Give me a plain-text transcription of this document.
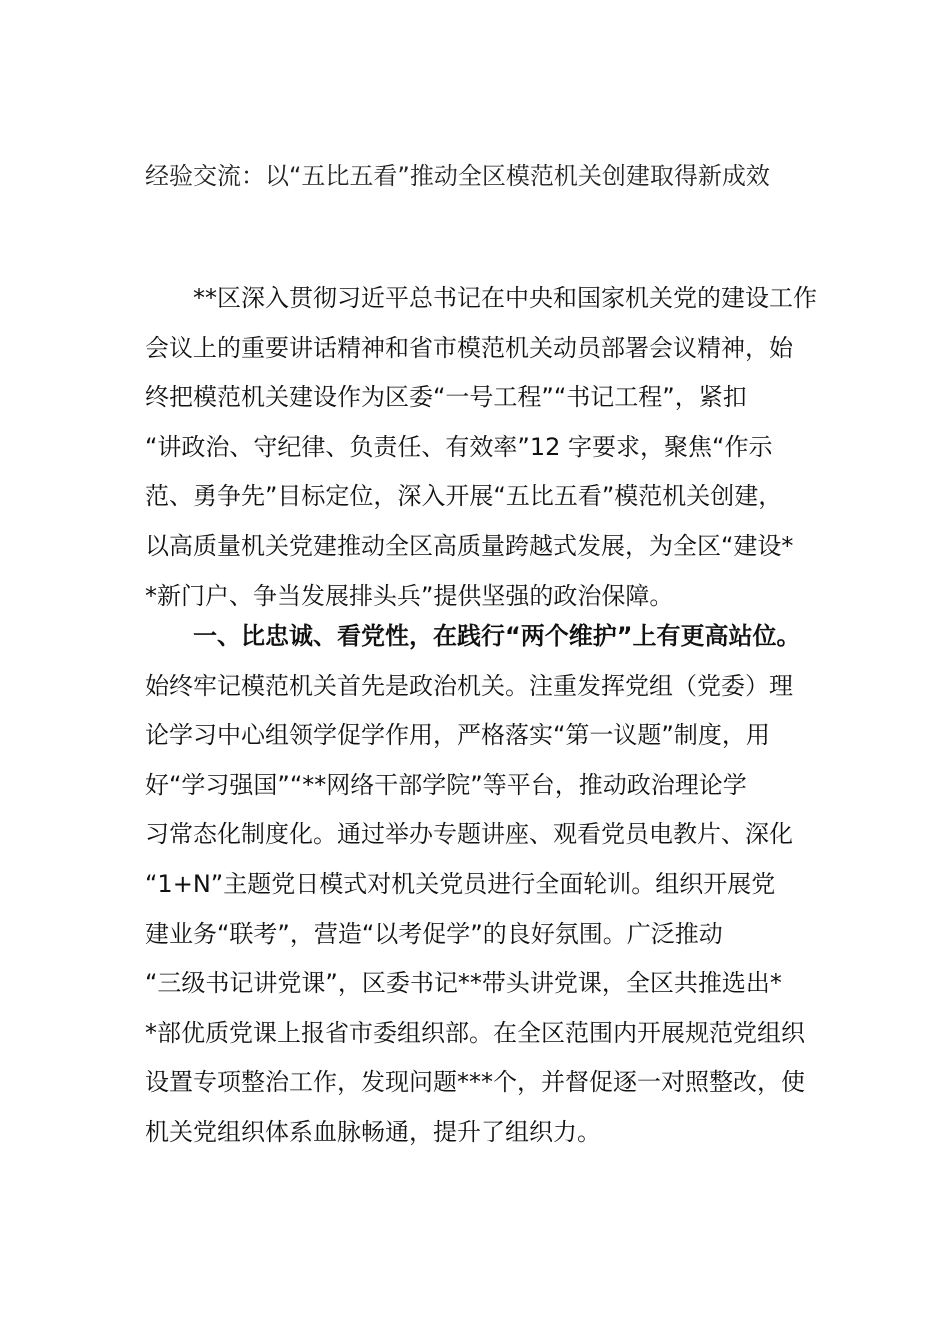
经验交流：以“五比五看”推动全区模范机关创建取得新成效
　　**区深入贯彻习近平总书记在中央和国家机关党的建设工作
会议上的重要讲话精神和省市模范机关动员部署会议精神，始
终把模范机关建设作为区委“一号工程”“书记工程”，紧扣
“讲政治、守纪律、负责任、有效率”12 字要求，聚焦“作示
范、勇争先”目标定位，深入开展“五比五看”模范机关创建，
以高质量机关党建推动全区高质量跨越式发展，为全区“建设*
*新门户、争当发展排头兵”提供坚强的政治保障。
　　一、比忠诚、看党性，在践行“两个维护”上有更高站位。
始终牢记模范机关首先是政治机关。注重发挥党组（党委）理
论学习中心组领学促学作用，严格落实“第一议题”制度，用
好“学习强国”“**网络干部学院”等平台，推动政治理论学
习常态化制度化。通过举办专题讲座、观看党员电教片、深化
“1+N”主题党日模式对机关党员进行全面轮训。组织开展党
建业务“联考”，营造“以考促学”的良好氛围。广泛推动
“三级书记讲党课”，区委书记**带头讲党课，全区共推选出*
*部优质党课上报省市委组织部。在全区范围内开展规范党组织
设置专项整治工作，发现问题***个，并督促逐一对照整改，使
机关党组织体系血脉畅通，提升了组织力。
